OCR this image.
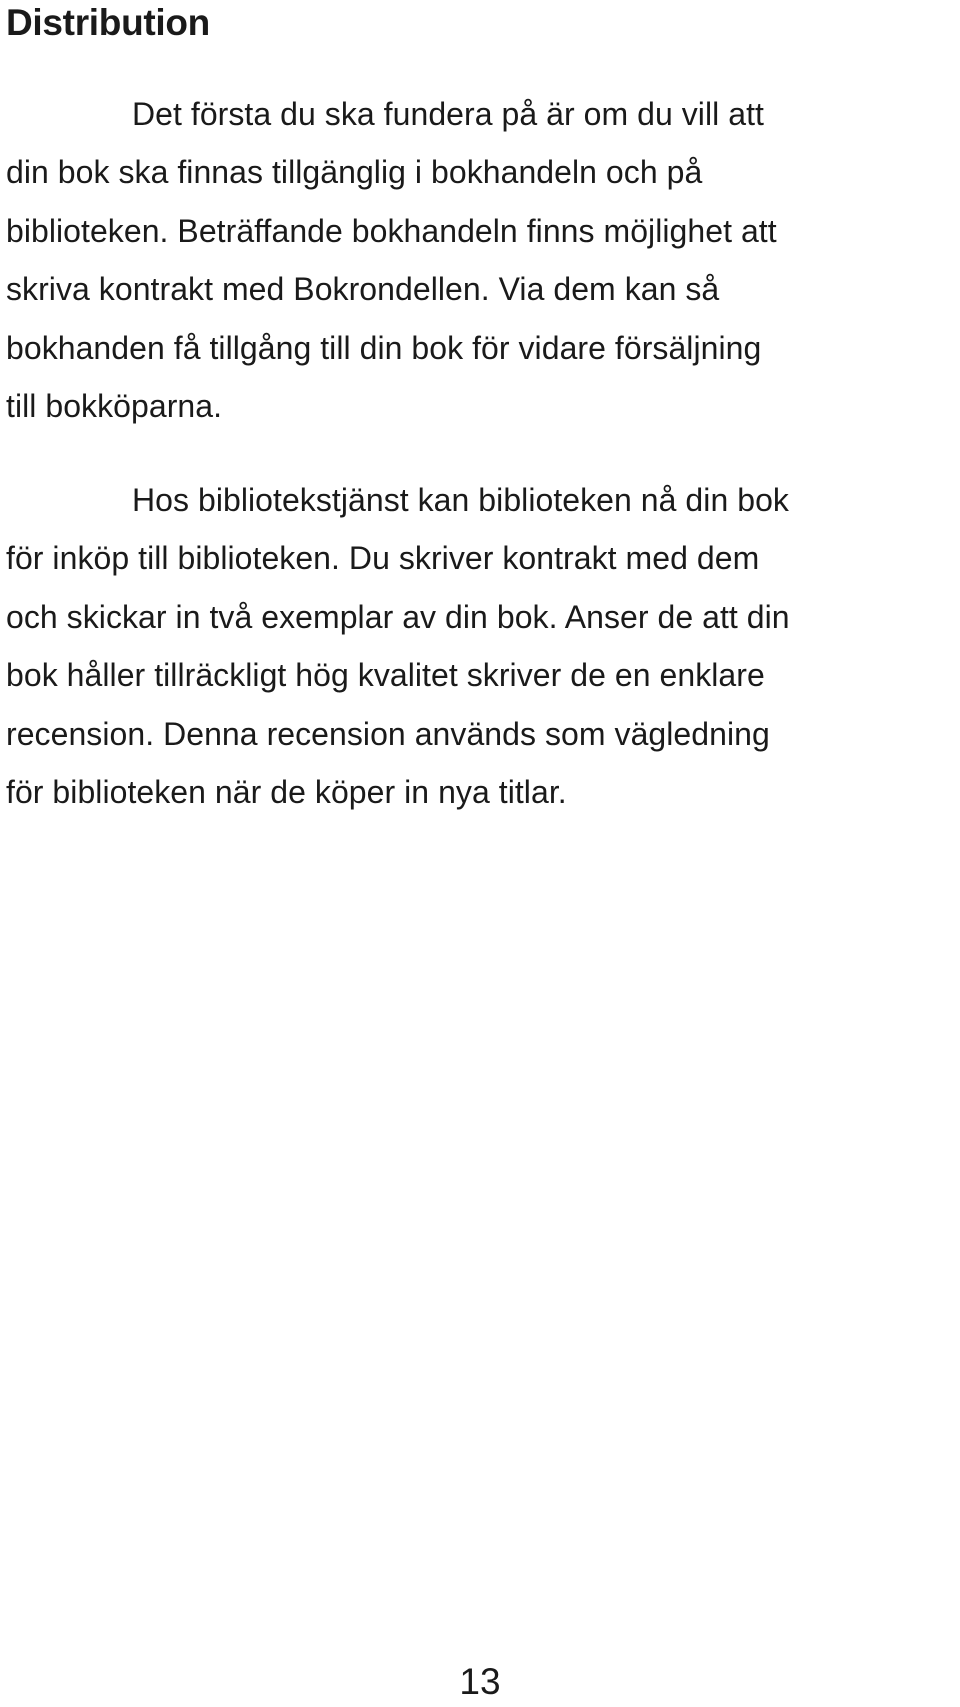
Distribution

Det första du ska fundera på är om du vill att
din bok ska finnas tillgänglig i bokhandeln och på
biblioteken. Beträffande bokhandeln finns möjlighet att
skriva kontrakt med Bokrondellen. Via dem kan så
bokhanden få tillgång till din bok för vidare försäljning
till bokköparna.

Hos bibliotekstjänst kan biblioteken nå din bok
för inköp till biblioteken. Du skriver kontrakt med dem
och skickar in två exemplar av din bok. Anser de att din
bok håller tillräckligt hög kvalitet skriver de en enklare
recension. Denna recension används som vägledning
för biblioteken när de köper in nya titlar.

13
